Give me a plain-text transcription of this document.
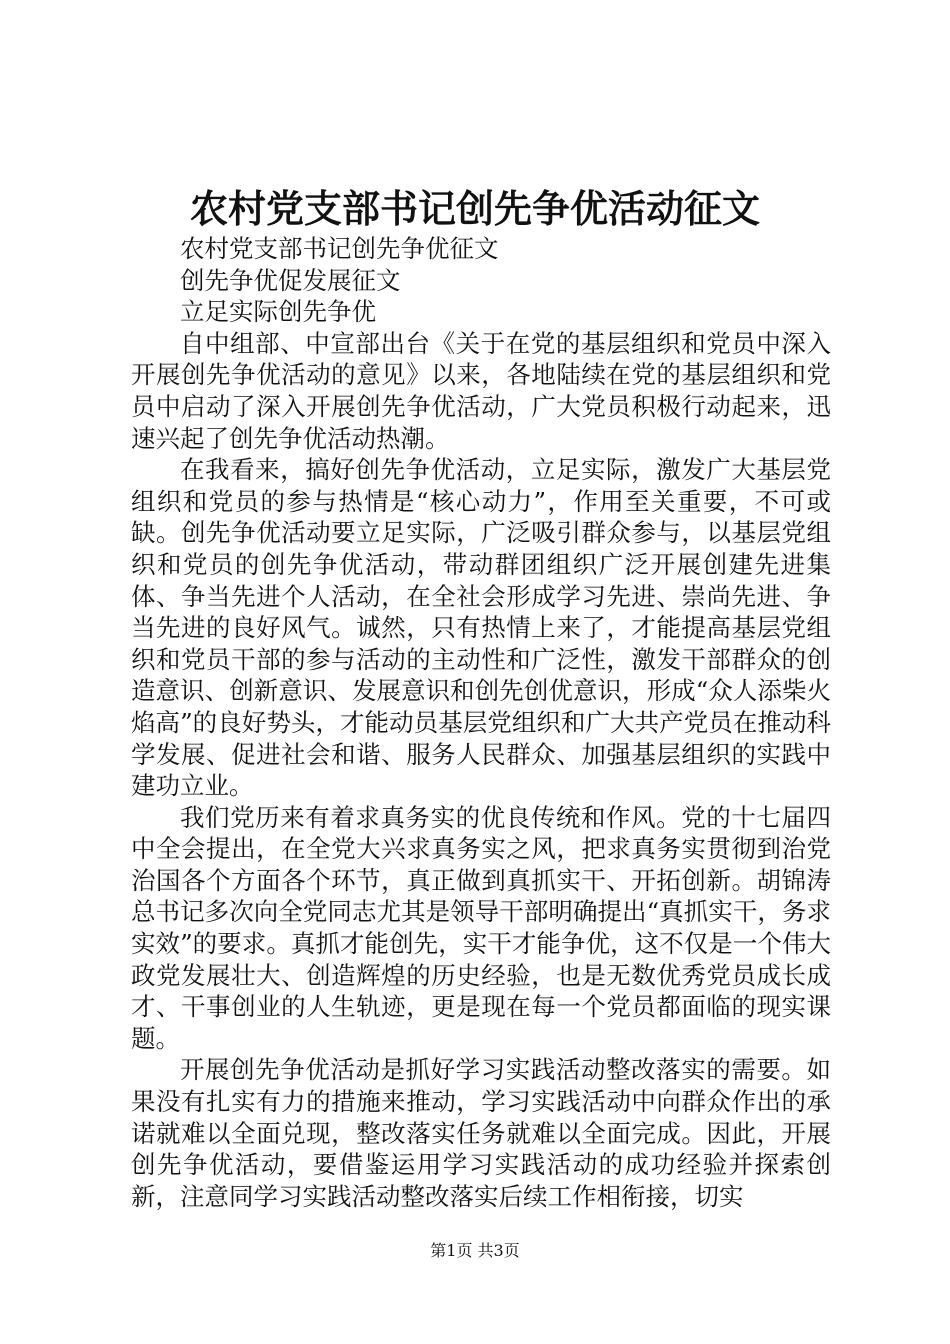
农村党支部书记创先争优活动征文

农村党支部书记创先争优征文

创先争优促发展征文

立足实际创先争优

自中组部、中宣部出台《关于在党的基层组织和党员中深入开展创先争优活动的意见》以来，各地陆续在党的基层组织和党员中启动了深入开展创先争优活动，广大党员积极行动起来，迅速兴起了创先争优活动热潮。

在我看来，搞好创先争优活动，立足实际，激发广大基层党组织和党员的参与热情是“核心动力”，作用至关重要，不可或缺。创先争优活动要立足实际，广泛吸引群众参与，以基层党组织和党员的创先争优活动，带动群团组织广泛开展创建先进集体、争当先进个人活动，在全社会形成学习先进、崇尚先进、争当先进的良好风气。诚然，只有热情上来了，才能提高基层党组织和党员干部的参与活动的主动性和广泛性，激发干部群众的创造意识、创新意识、发展意识和创先创优意识，形成“众人添柴火焰高”的良好势头，才能动员基层党组织和广大共产党员在推动科学发展、促进社会和谐、服务人民群众、加强基层组织的实践中建功立业。

我们党历来有着求真务实的优良传统和作风。党的十七届四中全会提出，在全党大兴求真务实之风，把求真务实贯彻到治党治国各个方面各个环节，真正做到真抓实干、开拓创新。胡锦涛总书记多次向全党同志尤其是领导干部明确提出“真抓实干，务求实效”的要求。真抓才能创先，实干才能争优，这不仅是一个伟大政党发展壮大、创造辉煌的历史经验，也是无数优秀党员成长成才、干事创业的人生轨迹，更是现在每一个党员都面临的现实课题。

开展创先争优活动是抓好学习实践活动整改落实的需要。如果没有扎实有力的措施来推动，学习实践活动中向群众作出的承诺就难以全面兑现，整改落实任务就难以全面完成。因此，开展创先争优活动，要借鉴运用学习实践活动的成功经验并探索创新，注意同学习实践活动整改落实后续工作相衔接，切实

第1页 共3页
